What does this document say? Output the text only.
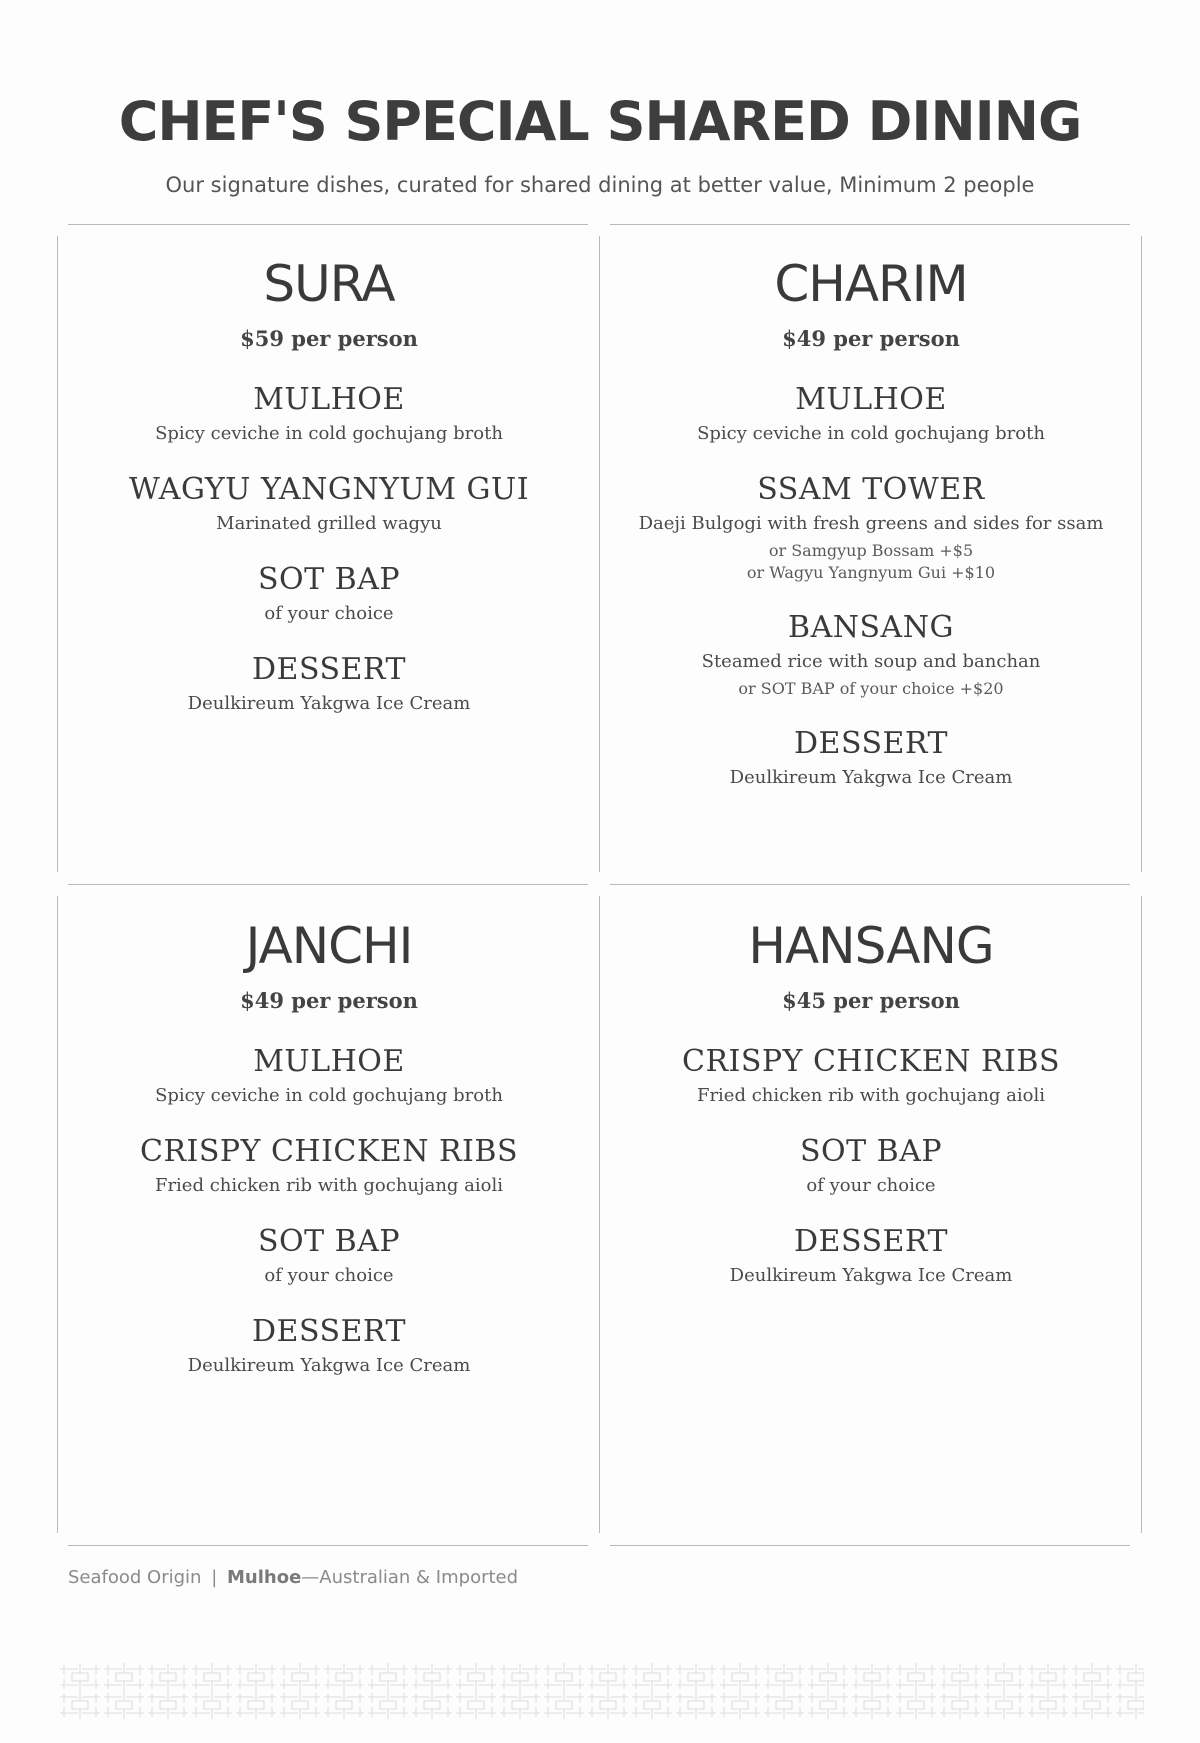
CHEF'S SPECIAL SHARED DINING
Our signature dishes, curated for shared dining at better value, Minimum 2 people
SURA
$59 per person
MULHOE
Spicy ceviche in cold gochujang broth
WAGYU YANGNYUM GUI
Marinated grilled wagyu
SOT BAP
of your choice
DESSERT
Deulkireum Yakgwa Ice Cream
CHARIM
$49 per person
MULHOE
Spicy ceviche in cold gochujang broth
SSAM TOWER
Daeji Bulgogi with fresh greens and sides for ssam
or Samgyup Bossam +$5
or Wagyu Yangnyum Gui +$10
BANSANG
Steamed rice with soup and banchan
or SOT BAP of your choice +$20
DESSERT
Deulkireum Yakgwa Ice Cream
JANCHI
$49 per person
MULHOE
Spicy ceviche in cold gochujang broth
CRISPY CHICKEN RIBS
Fried chicken rib with gochujang aioli
SOT BAP
of your choice
DESSERT
Deulkireum Yakgwa Ice Cream
HANSANG
$45 per person
CRISPY CHICKEN RIBS
Fried chicken rib with gochujang aioli
SOT BAP
of your choice
DESSERT
Deulkireum Yakgwa Ice Cream
Seafood Origin | Mulhoe—Australian & Imported
